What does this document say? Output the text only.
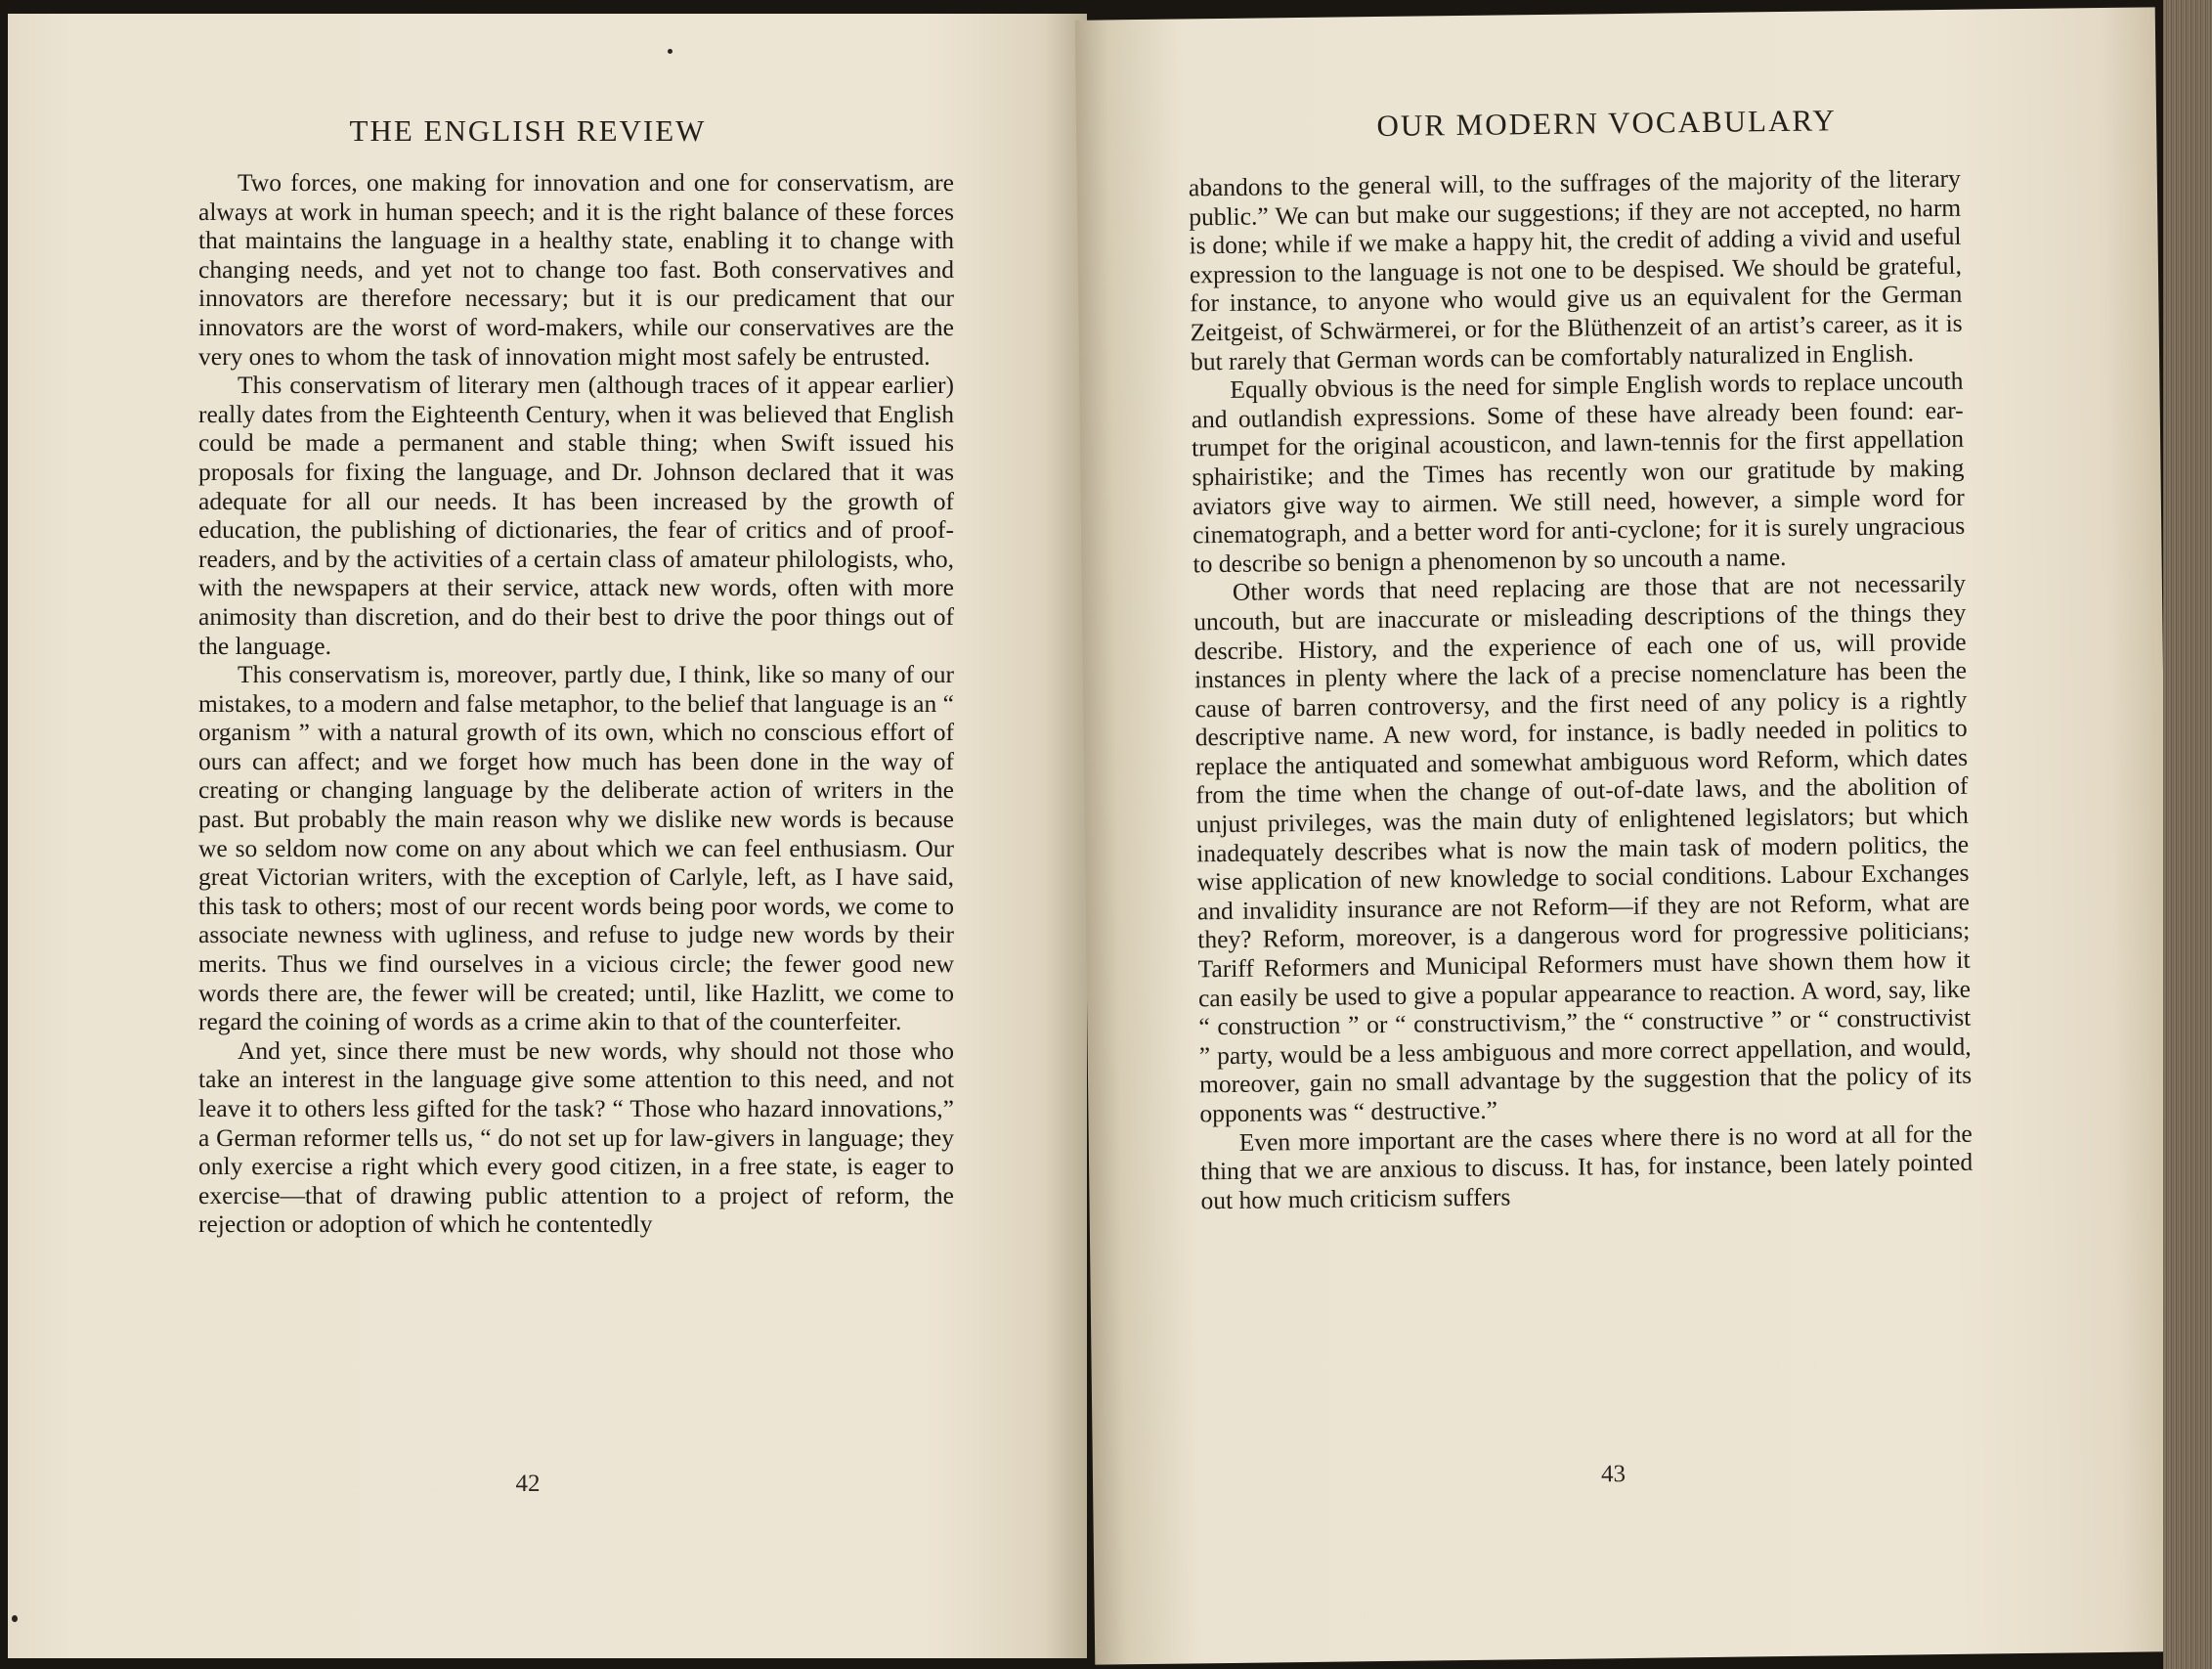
THE ENGLISH REVIEW

Two forces, one making for innovation and one for conservatism, are always at work in human speech; and it is the right balance of these forces that maintains the language in a healthy state, enabling it to change with changing needs, and yet not to change too fast. Both conservatives and innovators are therefore necessary; but it is our predicament that our innovators are the worst of word-makers, while our conservatives are the very ones to whom the task of innovation might most safely be entrusted.

This conservatism of literary men (although traces of it appear earlier) really dates from the Eighteenth Century, when it was believed that English could be made a permanent and stable thing; when Swift issued his proposals for fixing the language, and Dr. Johnson declared that it was adequate for all our needs. It has been increased by the growth of education, the publishing of dictionaries, the fear of critics and of proof-readers, and by the activities of a certain class of amateur philologists, who, with the newspapers at their service, attack new words, often with more animosity than discretion, and do their best to drive the poor things out of the language.

This conservatism is, moreover, partly due, I think, like so many of our mistakes, to a modern and false metaphor, to the belief that language is an “ organism ” with a natural growth of its own, which no conscious effort of ours can affect; and we forget how much has been done in the way of creating or changing language by the deliberate action of writers in the past. But probably the main reason why we dislike new words is because we so seldom now come on any about which we can feel enthusiasm. Our great Victorian writers, with the exception of Carlyle, left, as I have said, this task to others; most of our recent words being poor words, we come to associate newness with ugliness, and refuse to judge new words by their merits. Thus we find ourselves in a vicious circle; the fewer good new words there are, the fewer will be created; until, like Hazlitt, we come to regard the coining of words as a crime akin to that of the counterfeiter.

And yet, since there must be new words, why should not those who take an interest in the language give some attention to this need, and not leave it to others less gifted for the task? “ Those who hazard innovations,” a German reformer tells us, “ do not set up for law-givers in language; they only exercise a right which every good citizen, in a free state, is eager to exercise—that of drawing public attention to a project of reform, the rejection or adoption of which he contentedly

42
OUR MODERN VOCABULARY

abandons to the general will, to the suffrages of the majority of the literary public.” We can but make our suggestions; if they are not accepted, no harm is done; while if we make a happy hit, the credit of adding a vivid and useful expression to the language is not one to be despised. We should be grateful, for instance, to anyone who would give us an equivalent for the German Zeitgeist, of Schwärmerei, or for the Blüthenzeit of an artist’s career, as it is but rarely that German words can be comfortably naturalized in English.

Equally obvious is the need for simple English words to replace uncouth and outlandish expressions. Some of these have already been found: ear-trumpet for the original acousticon, and lawn-tennis for the first appellation sphairistike; and the Times has recently won our gratitude by making aviators give way to airmen. We still need, however, a simple word for cinematograph, and a better word for anti-cyclone; for it is surely ungracious to describe so benign a phenomenon by so uncouth a name.

Other words that need replacing are those that are not necessarily uncouth, but are inaccurate or misleading descriptions of the things they describe. History, and the experience of each one of us, will provide instances in plenty where the lack of a precise nomenclature has been the cause of barren controversy, and the first need of any policy is a rightly descriptive name. A new word, for instance, is badly needed in politics to replace the antiquated and somewhat ambiguous word Reform, which dates from the time when the change of out-of-date laws, and the abolition of unjust privileges, was the main duty of enlightened legislators; but which inadequately describes what is now the main task of modern politics, the wise application of new knowledge to social conditions. Labour Exchanges and invalidity insurance are not Reform—if they are not Reform, what are they? Reform, moreover, is a dangerous word for progressive politicians; Tariff Reformers and Municipal Reformers must have shown them how it can easily be used to give a popular appearance to reaction. A word, say, like “ construction ” or “ constructivism,” the “ constructive ” or “ constructivist ” party, would be a less ambiguous and more correct appellation, and would, moreover, gain no small advantage by the suggestion that the policy of its opponents was “ destructive.”

Even more important are the cases where there is no word at all for the thing that we are anxious to discuss. It has, for instance, been lately pointed out how much criticism suffers

43
